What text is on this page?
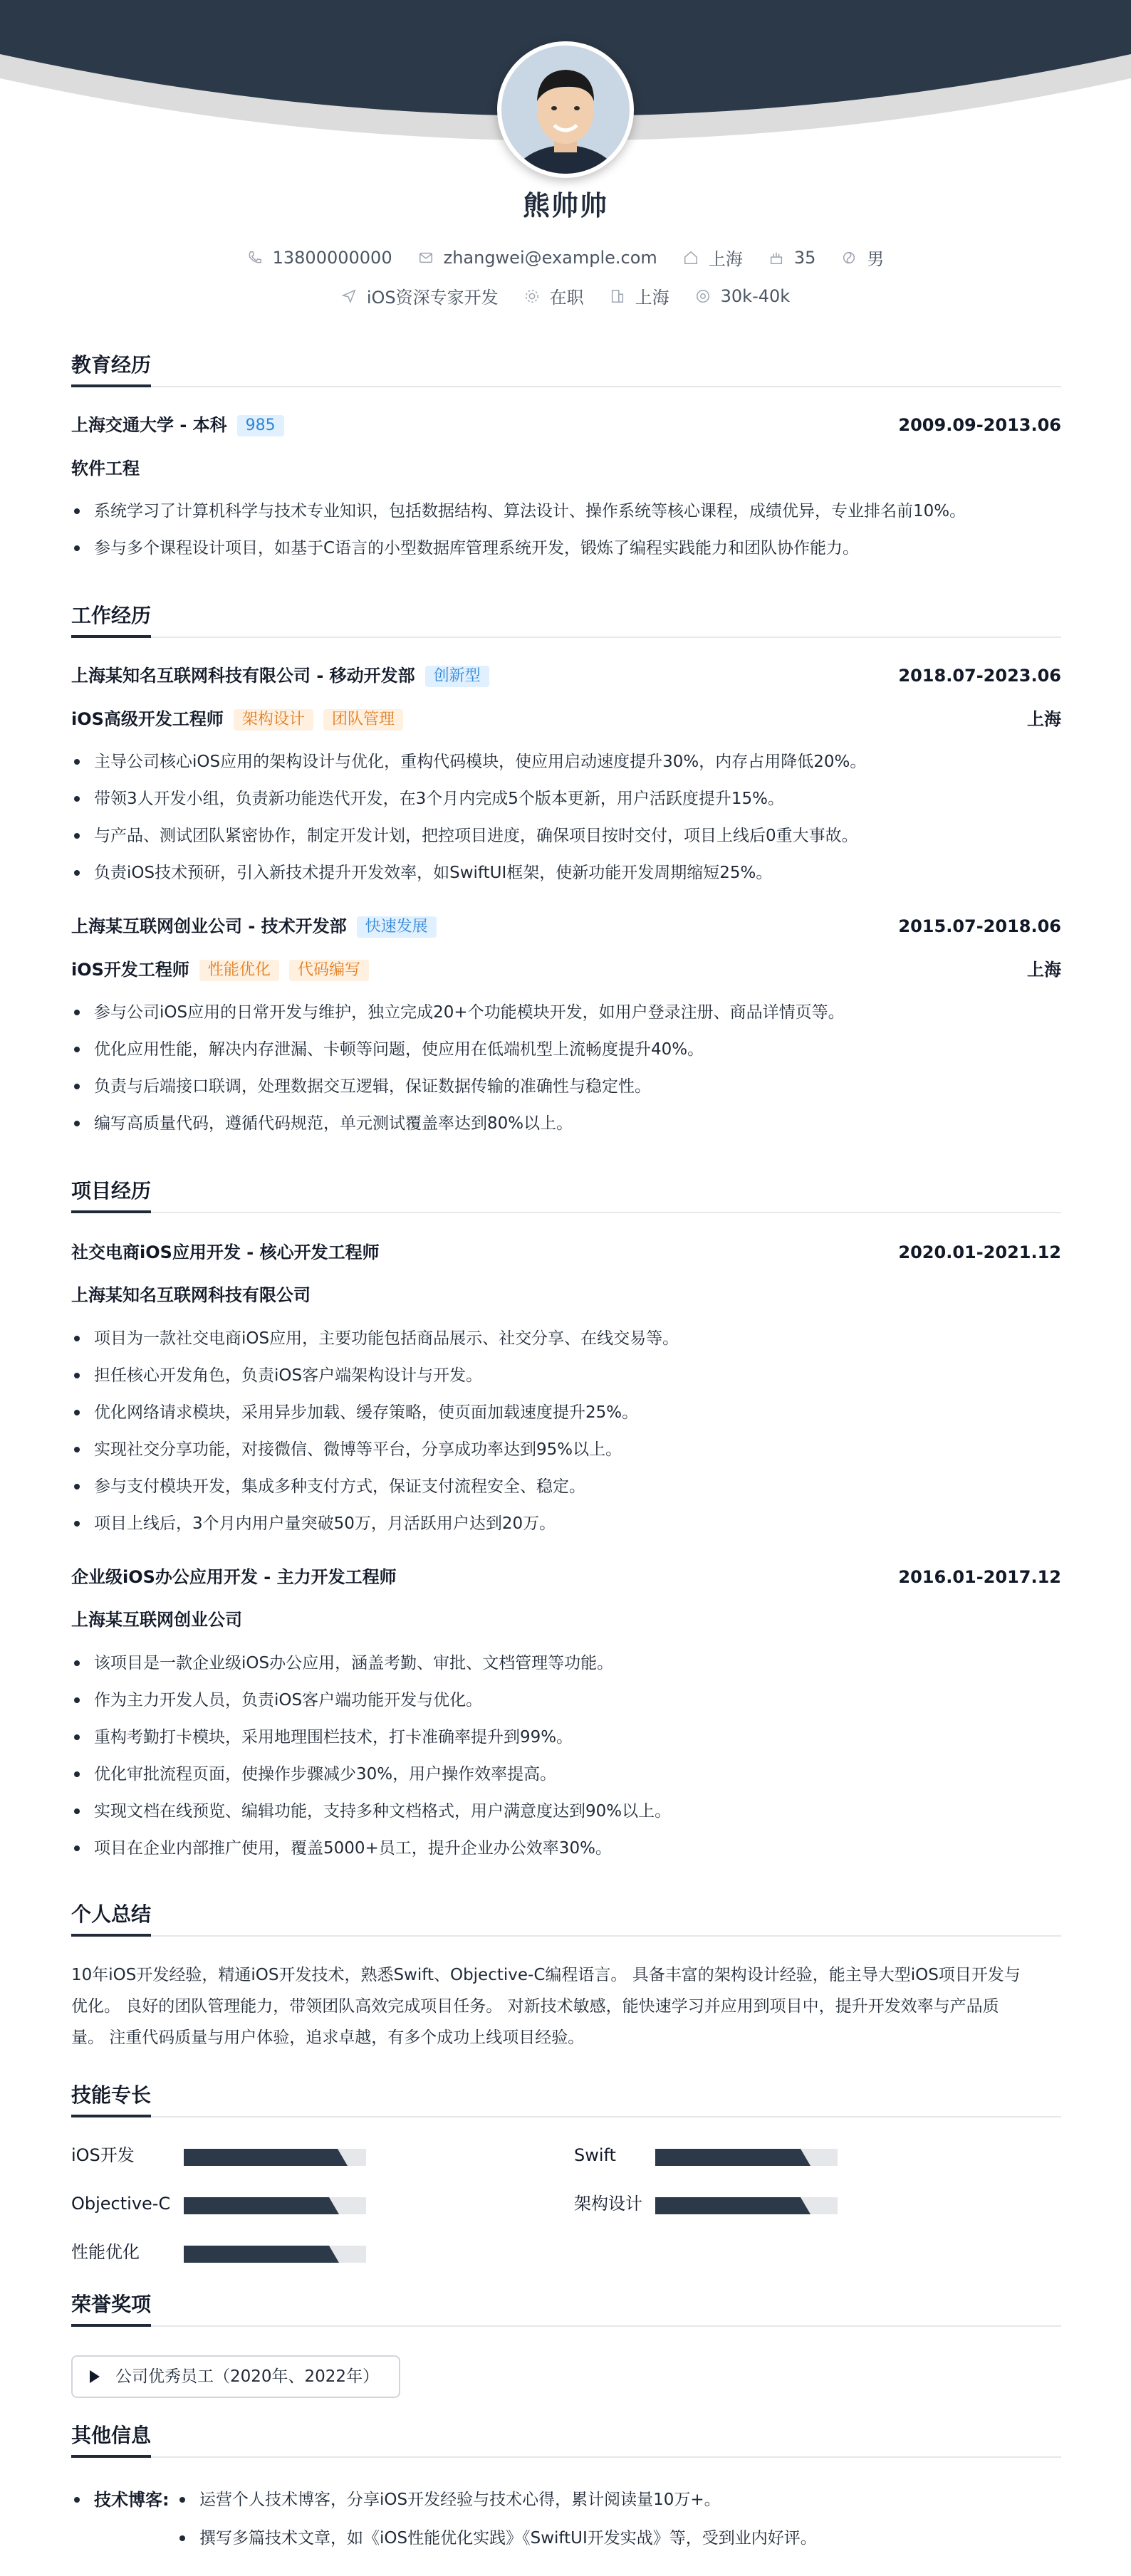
熊帅帅
13800000000	zhangwei@example.com	上海	35	男
iOS资深专家开发	在职	上海	30k-40k
教育经历
上海交通大学 - 本科 985	2009.09-2013.06
软件工程
系统学习了计算机科学与技术专业知识，包括数据结构、算法设计、操作系统等核心课程，成绩优异，专业排名前10%。
参与多个课程设计项目，如基于C语言的小型数据库管理系统开发，锻炼了编程实践能力和团队协作能力。
工作经历
上海某知名互联网科技有限公司 - 移动开发部 创新型	2018.07-2023.06
iOS高级开发工程师 架构设计 团队管理	上海
主导公司核心iOS应用的架构设计与优化，重构代码模块，使应用启动速度提升30%，内存占用降低20%。
带领3人开发小组，负责新功能迭代开发，在3个月内完成5个版本更新，用户活跃度提升15%。
与产品、测试团队紧密协作，制定开发计划，把控项目进度，确保项目按时交付，项目上线后0重大事故。
负责iOS技术预研，引入新技术提升开发效率，如SwiftUI框架，使新功能开发周期缩短25%。
上海某互联网创业公司 - 技术开发部 快速发展	2015.07-2018.06
iOS开发工程师 性能优化 代码编写	上海
参与公司iOS应用的日常开发与维护，独立完成20+个功能模块开发，如用户登录注册、商品详情页等。
优化应用性能，解决内存泄漏、卡顿等问题，使应用在低端机型上流畅度提升40%。
负责与后端接口联调，处理数据交互逻辑，保证数据传输的准确性与稳定性。
编写高质量代码，遵循代码规范，单元测试覆盖率达到80%以上。
项目经历
社交电商iOS应用开发 - 核心开发工程师	2020.01-2021.12
上海某知名互联网科技有限公司
项目为一款社交电商iOS应用，主要功能包括商品展示、社交分享、在线交易等。
担任核心开发角色，负责iOS客户端架构设计与开发。
优化网络请求模块，采用异步加载、缓存策略，使页面加载速度提升25%。
实现社交分享功能，对接微信、微博等平台，分享成功率达到95%以上。
参与支付模块开发，集成多种支付方式，保证支付流程安全、稳定。
项目上线后，3个月内用户量突破50万，月活跃用户达到20万。
企业级iOS办公应用开发 - 主力开发工程师	2016.01-2017.12
上海某互联网创业公司
该项目是一款企业级iOS办公应用，涵盖考勤、审批、文档管理等功能。
作为主力开发人员，负责iOS客户端功能开发与优化。
重构考勤打卡模块，采用地理围栏技术，打卡准确率提升到99%。
优化审批流程页面，使操作步骤减少30%，用户操作效率提高。
实现文档在线预览、编辑功能，支持多种文档格式，用户满意度达到90%以上。
项目在企业内部推广使用，覆盖5000+员工，提升企业办公效率30%。
个人总结
10年iOS开发经验，精通iOS开发技术，熟悉Swift、Objective-C编程语言。 具备丰富的架构设计经验，能主导大型iOS项目开发与
优化。 良好的团队管理能力，带领团队高效完成项目任务。 对新技术敏感，能快速学习并应用到项目中，提升开发效率与产品质
量。 注重代码质量与用户体验，追求卓越，有多个成功上线项目经验。
技能专长
iOS开发	Swift
Objective-C	架构设计
性能优化
荣誉奖项
公司优秀员工（2020年、2022年）
其他信息
技术博客:	运营个人技术博客，分享iOS开发经验与技术心得，累计阅读量10万+。
撰写多篇技术文章，如《iOS性能优化实践》《SwiftUI开发实战》等，受到业内好评。
